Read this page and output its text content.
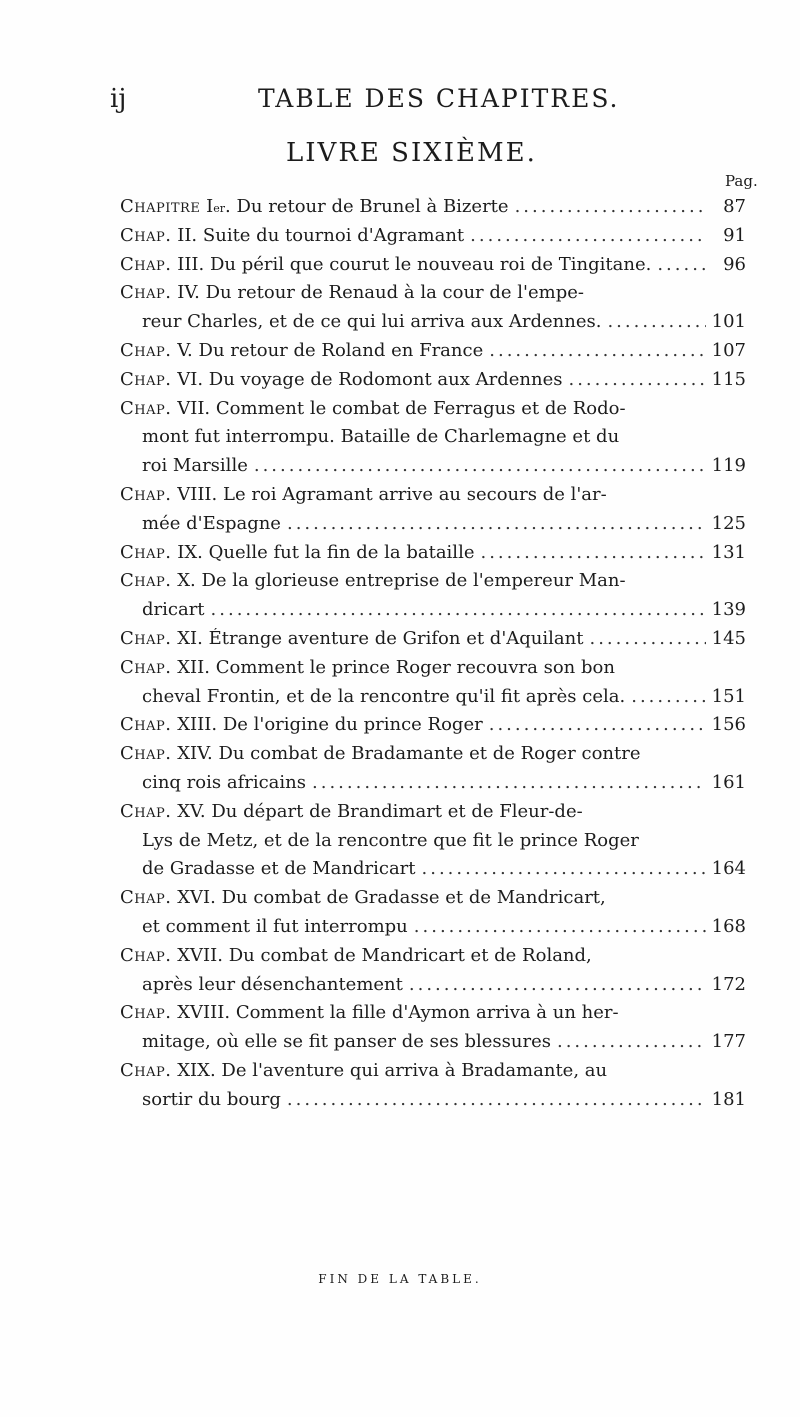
ij	TABLE DES CHAPITRES.
LIVRE SIXIÈME.
Pag.
Chapitre
I er .
Du retour de Brunel à Bizerte .....	87
Chap.
II.
Suite du tournoi d'Agramant .....	91
Chap.
III.
Du péril que courut le nouveau roi de Tingitane. .....	96
Chap.
IV.
Du retour de Renaud à la cour de l'empe-
reur Charles, et de ce qui lui arriva aux Ardennes. .....	101
Chap.
V.
Du retour de Roland en France .....	107
Chap.
VI.
Du voyage de Rodomont aux Ardennes .....	115
Chap.
VII.
Comment le combat de Ferragus et de Rodo-
mont fut interrompu. Bataille de Charlemagne et du
roi Marsille .....	119
Chap.
VIII.
Le roi Agramant arrive au secours de l'ar-
mée d'Espagne .....	125
Chap.
IX.
Quelle fut la fin de la bataille .....	131
Chap.
X.
De la glorieuse entreprise de l'empereur Man-
dricart .....	139
Chap.
XI.
Étrange aventure de Grifon et d'Aquilant .....	145
Chap.
XII.
Comment le prince Roger recouvra son bon
cheval Frontin, et de la rencontre qu'il fit après cela. .....	151
Chap.
XIII.
De l'origine du prince Roger .....	156
Chap.
XIV.
Du combat de Bradamante et de Roger contre
cinq rois africains .....	161
Chap.
XV.
Du départ de Brandimart et de Fleur-de-
Lys de Metz, et de la rencontre que fit le prince Roger
de Gradasse et de Mandricart .....	164
Chap.
XVI.
Du combat de Gradasse et de Mandricart,
et comment il fut interrompu .....	168
Chap.
XVII.
Du combat de Mandricart et de Roland,
après leur désenchantement .....	172
Chap.
XVIII.
Comment la fille d'Aymon arriva à un her-
mitage, où elle se fit panser de ses blessures .....	177
Chap.
XIX.
De l'aventure qui arriva à Bradamante, au
sortir du bourg .....	181
FIN DE LA TABLE.
